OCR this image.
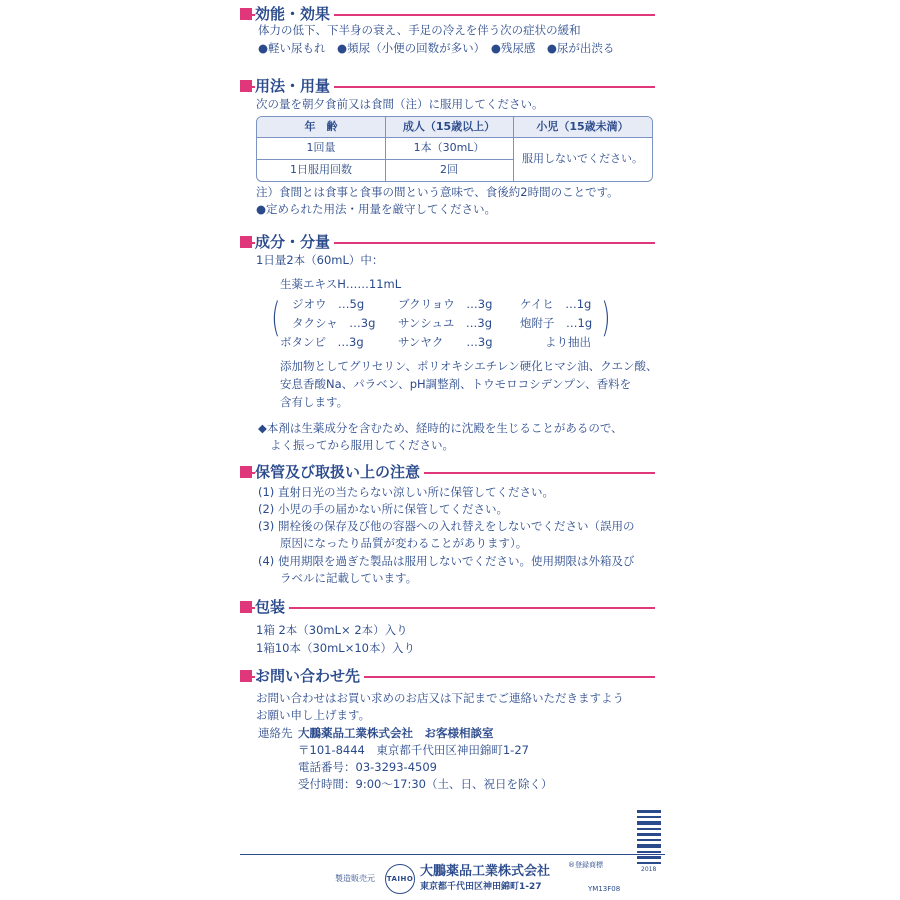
効能・効果
体力の低下、下半身の衰え、手足の冷えを伴う次の症状の緩和
●軽い尿もれ　●頻尿（小便の回数が多い）　●残尿感　●尿が出渋る
用法・用量
次の量を朝夕食前又は食間（注）に服用してください。
年　齢	成人（15歳以上）	小児（15歳未満）
1回量	1本（30mL）
1日服用回数	2回
服用しないでください。
注）食間とは食事と食事の間という意味で、食後約2時間のことです。
●定められた用法・用量を厳守してください。
成分・分量
1日量2本（60mL）中：
生薬エキスH……11mL
(	)
ジオウ　…5g	ブクリョウ　…3g ケイヒ　…1g
タクシャ　…3g サンシュユ　…3g 炮附子　…1g
ボタンピ　…3g	サンヤク　　…3g	より抽出
添加物としてグリセリン、ポリオキシエチレン硬化ヒマシ油、クエン酸、
安息香酸Na、パラベン、pH調整剤、トウモロコシデンプン、香料を
含有します。
◆本剤は生薬成分を含むため、経時的に沈殿を生じることがあるので、
よく振ってから服用してください。
保管及び取扱い上の注意
(1) 直射日光の当たらない涼しい所に保管してください。
(2) 小児の手の届かない所に保管してください。
(3) 開栓後の保存及び他の容器への入れ替えをしないでください（誤用の
原因になったり品質が変わることがあります）。
(4) 使用期限を過ぎた製品は服用しないでください。使用期限は外箱及び
ラベルに記載しています。
包装
1箱 2本（30mL× 2本）入り
1箱10本（30mL×10本）入り
お問い合わせ先
お問い合わせはお買い求めのお店又は下記までご連絡いただきますよう
お願い申し上げます。
連絡先 大鵬薬品工業株式会社　お客様相談室
〒101-8444　東京都千代田区神田錦町1-27
電話番号：03-3293-4509
受付時間：9:00～17:30（土、日、祝日を除く）
2018
®登録商標
製造販売元 TAIHO 大鵬薬品工業株式会社
東京都千代田区神田錦町1-27	YM13F08
